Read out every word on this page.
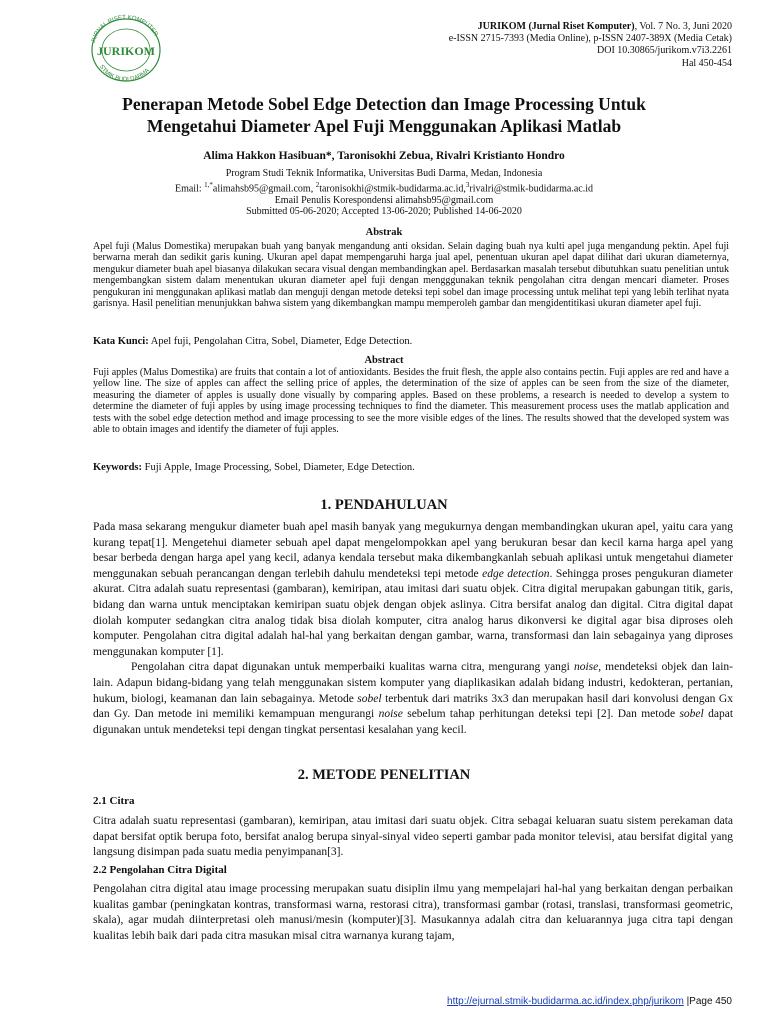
JURNAL RISET KOMPUTER
STMIK BUDI DARMA
JURIKOM
JURIKOM (Jurnal Riset Komputer), Vol. 7 No. 3, Juni 2020
e-ISSN 2715-7393 (Media Online), p-ISSN 2407-389X (Media Cetak)
DOI 10.30865/jurikom.v7i3.2261
Hal 450-454
Penerapan Metode Sobel Edge Detection dan Image Processing Untuk
Mengetahui Diameter Apel Fuji Menggunakan Aplikasi Matlab
Alima Hakkon Hasibuan*, Taronisokhi Zebua, Rivalri Kristianto Hondro
Program Studi Teknik Informatika, Universitas Budi Darma, Medan, Indonesia
Email: $^{1,*}$alimahsb95@gmail.com, $^2$taronisokhi@stmik-budidarma.ac.id,$^3$rivalri@stmik-budidarma.ac.id
Email Penulis Korespondensi alimahsb95@gmail.com
Submitted 05-06-2020; Accepted 13-06-2020; Published 14-06-2020
Abstrak
Apel fuji (Malus Domestika) merupakan buah yang banyak mengandung anti oksidan. Selain daging buah nya kulti apel juga mengandung pektin. Apel fuji berwarna merah dan sedikit garis kuning. Ukuran apel dapat mempengaruhi harga jual apel, penentuan ukuran apel dapat dilihat dari ukuran diameternya, mengukur diameter buah apel biasanya dilakukan secara visual dengan membandingkan apel. Berdasarkan masalah tersebut dibutuhkan suatu penelitian untuk mengembangkan sistem dalam menentukan ukuran diameter apel fuji dengan mengggunakan teknik pengolahan citra dengan mencari diameter. Proses pengukuran ini menggunakan aplikasi matlab dan menguji dengan metode deteksi tepi sobel dan image processing untuk melihat tepi yang lebih terlihat nyata garisnya. Hasil penelitian menunjukkan bahwa sistem yang dikembangkan mampu memperoleh gambar dan mengidentitikasi ukuran diameter apel fuji.
Kata Kunci: Apel fuji, Pengolahan Citra, Sobel, Diameter, Edge Detection.
Abstract
Fuji apples (Malus Domestika) are fruits that contain a lot of antioxidants. Besides the fruit flesh, the apple also contains pectin. Fuji apples are red and have a yellow line. The size of apples can affect the selling price of apples, the determination of the size of apples can be seen from the size of the diameter, measuring the diameter of apples is usually done visually by comparing apples. Based on these problems, a research is needed to develop a system to determine the diameter of fuji apples by using image processing techniques to find the diameter. This measurement process uses the matlab application and tests with the sobel edge detection method and image processing to see the more visible edges of the lines. The results showed that the developed system was able to obtain images and identify the diameter of fuji apples.
Keywords: Fuji Apple, Image Processing, Sobel, Diameter, Edge Detection.
1. PENDAHULUAN

Pada masa sekarang mengukur diameter buah apel masih banyak yang megukurnya dengan membandingkan ukuran apel, yaitu cara yang kurang tepat[1]. Mengetehui diameter sebuah apel dapat mengelompokkan apel yang berukuran besar dan kecil karna harga apel yang besar berbeda dengan harga apel yang kecil, adanya kendala tersebut maka dikembangkanlah sebuah aplikasi untuk mengetahui diameter menggunakan sebuah perancangan dengan terlebih dahulu mendeteksi tepi metode edge detection. Sehingga proses pengukuran diameter akurat. Citra adalah suatu representasi (gambaran), kemiripan, atau imitasi dari suatu objek. Citra digital merupakan gabungan titik, garis, bidang dan warna untuk menciptakan kemiripan suatu objek dengan objek aslinya. Citra bersifat analog dan digital. Citra digital dapat diolah komputer sedangkan citra analog tidak bisa diolah komputer, citra analog harus dikonversi ke digital agar bisa diproses oleh komputer. Pengolahan citra digital adalah hal-hal yang berkaitan dengan gambar, warna, transformasi dan lain sebagainya yang diproses menggunakan komputer [1].

Pengolahan citra dapat digunakan untuk memperbaiki kualitas warna citra, mengurang yangi noise, mendeteksi objek dan lain-lain. Adapun bidang-bidang yang telah menggunakan sistem komputer yang diaplikasikan adalah bidang industri, kedokteran, pertanian, hukum, biologi, keamanan dan lain sebagainya. Metode sobel terbentuk dari matriks 3x3 dan merupakan hasil dari konvolusi dengan Gx dan Gy. Dan metode ini memiliki kemampuan mengurangi noise sebelum tahap perhitungan deteksi tepi [2]. Dan metode sobel dapat digunakan untuk mendeteksi tepi dengan tingkat persentasi kesalahan yang kecil.

2. METODE PENELITIAN
2.1 Citra
Citra adalah suatu representasi (gambaran), kemiripan, atau imitasi dari suatu objek. Citra sebagai keluaran suatu sistem perekaman data dapat bersifat optik berupa foto, bersifat analog berupa sinyal-sinyal video seperti gambar pada monitor televisi, atau bersifat digital yang langsung disimpan pada suatu media penyimpanan[3].
2.2 Pengolahan Citra Digital
Pengolahan citra digital atau image processing merupakan suatu disiplin ilmu yang mempelajari hal-hal yang berkaitan dengan perbaikan kualitas gambar (peningkatan kontras, transformasi warna, restorasi citra), transformasi gambar (rotasi, translasi, transformasi geometric, skala), agar mudah diinterpretasi oleh manusi/mesin (komputer)[3]. Masukannya adalah citra dan keluarannya juga citra tapi dengan kualitas lebih baik dari pada citra masukan misal citra warnanya kurang tajam,
http://ejurnal.stmik-budidarma.ac.id/index.php/jurikom |Page 450
